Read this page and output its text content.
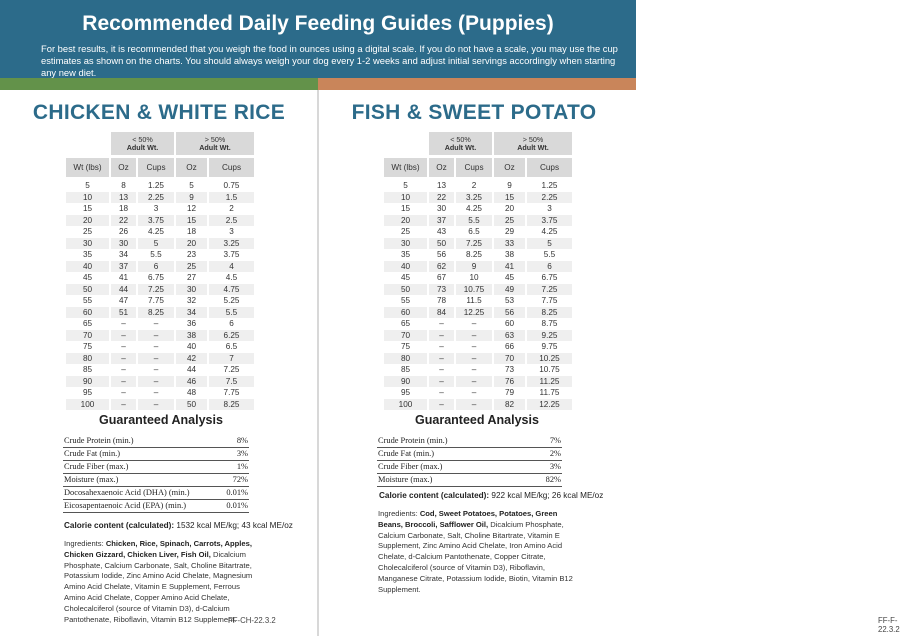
Recommended Daily Feeding Guides (Puppies)

For best results, it is recommended that you weigh the food in ounces using a digital scale. If you do not have a scale, you may use the cup estimates as shown on the charts. You should always weigh your dog every 1-2 weeks and adjust initial servings accordingly when starting any new diet.

CHICKEN & WHITE RICE
	< 50%
Adult Wt.		> 50%
Adult Wt.	

Wt (lbs)	Oz	Cups	Oz	Cups

5	8	1.25	5	0.75
10	13	2.25	9	1.5
15	18	3	12	2
20	22	3.75	15	2.5
25	26	4.25	18	3
30	30	5	20	3.25
35	34	5.5	23	3.75
40	37	6	25	4
45	41	6.75	27	4.5
50	44	7.25	30	4.75
55	47	7.75	32	5.25
60	51	8.25	34	5.5
65	–	–	36	6
70	–	–	38	6.25
75	–	–	40	6.5
80	–	–	42	7
85	–	–	44	7.25
90	–	–	46	7.5
95	–	–	48	7.75
100	–	–	50	8.25
Guaranteed Analysis
Crude Protein (min.)	8%
Crude Fat (min.)	3%
Crude Fiber (max.)	1%
Moisture (max.)	72%
Docosahexaenoic Acid (DHA) (min.)	0.01%
Eicosapentaenoic Acid (EPA) (min.)	0.01%
Calorie content (calculated): 1532 kcal ME/kg; 43 kcal ME/oz
Ingredients: Chicken, Rice, Spinach, Carrots, Apples, Chicken Gizzard, Chicken Liver, Fish Oil, Dicalcium Phosphate, Calcium Carbonate, Salt, Choline Bitartrate, Potassium Iodide, Zinc Amino Acid Chelate, Magnesium Amino Acid Chelate, Vitamin E Supplement, Ferrous Amino Acid Chelate, Copper Amino Acid Chelate, Cholecalciferol (source of Vitamin D3), d-Calcium Pantothenate, Riboflavin, Vitamin B12 Supplement.
FF-CH-22.3.2
FISH & SWEET POTATO
	< 50%
Adult Wt.		> 50%
Adult Wt.	

Wt (lbs)	Oz	Cups	Oz	Cups

5	13	2	9	1.25
10	22	3.25	15	2.25
15	30	4.25	20	3
20	37	5.5	25	3.75
25	43	6.5	29	4.25
30	50	7.25	33	5
35	56	8.25	38	5.5
40	62	9	41	6
45	67	10	45	6.75
50	73	10.75	49	7.25
55	78	11.5	53	7.75
60	84	12.25	56	8.25
65	–	–	60	8.75
70	–	–	63	9.25
75	–	–	66	9.75
80	–	–	70	10.25
85	–	–	73	10.75
90	–	–	76	11.25
95	–	–	79	11.75
100	–	–	82	12.25
Guaranteed Analysis
Crude Protein (min.)	7%
Crude Fat (min.)	2%
Crude Fiber (max.)	3%
Moisture (max.)	82%
Calorie content (calculated): 922 kcal ME/kg; 26 kcal ME/oz
Ingredients: Cod, Sweet Potatoes, Potatoes, Green Beans, Broccoli, Safflower Oil, Dicalcium Phosphate, Calcium Carbonate, Salt, Choline Bitartrate, Vitamin E Supplement, Zinc Amino Acid Chelate, Iron Amino Acid Chelate, d-Calcium Pantothenate, Copper Citrate, Cholecalciferol (source of Vitamin D3), Riboflavin, Manganese Citrate, Potassium Iodide, Biotin, Vitamin B12 Supplement.
FF-F-22.3.2
